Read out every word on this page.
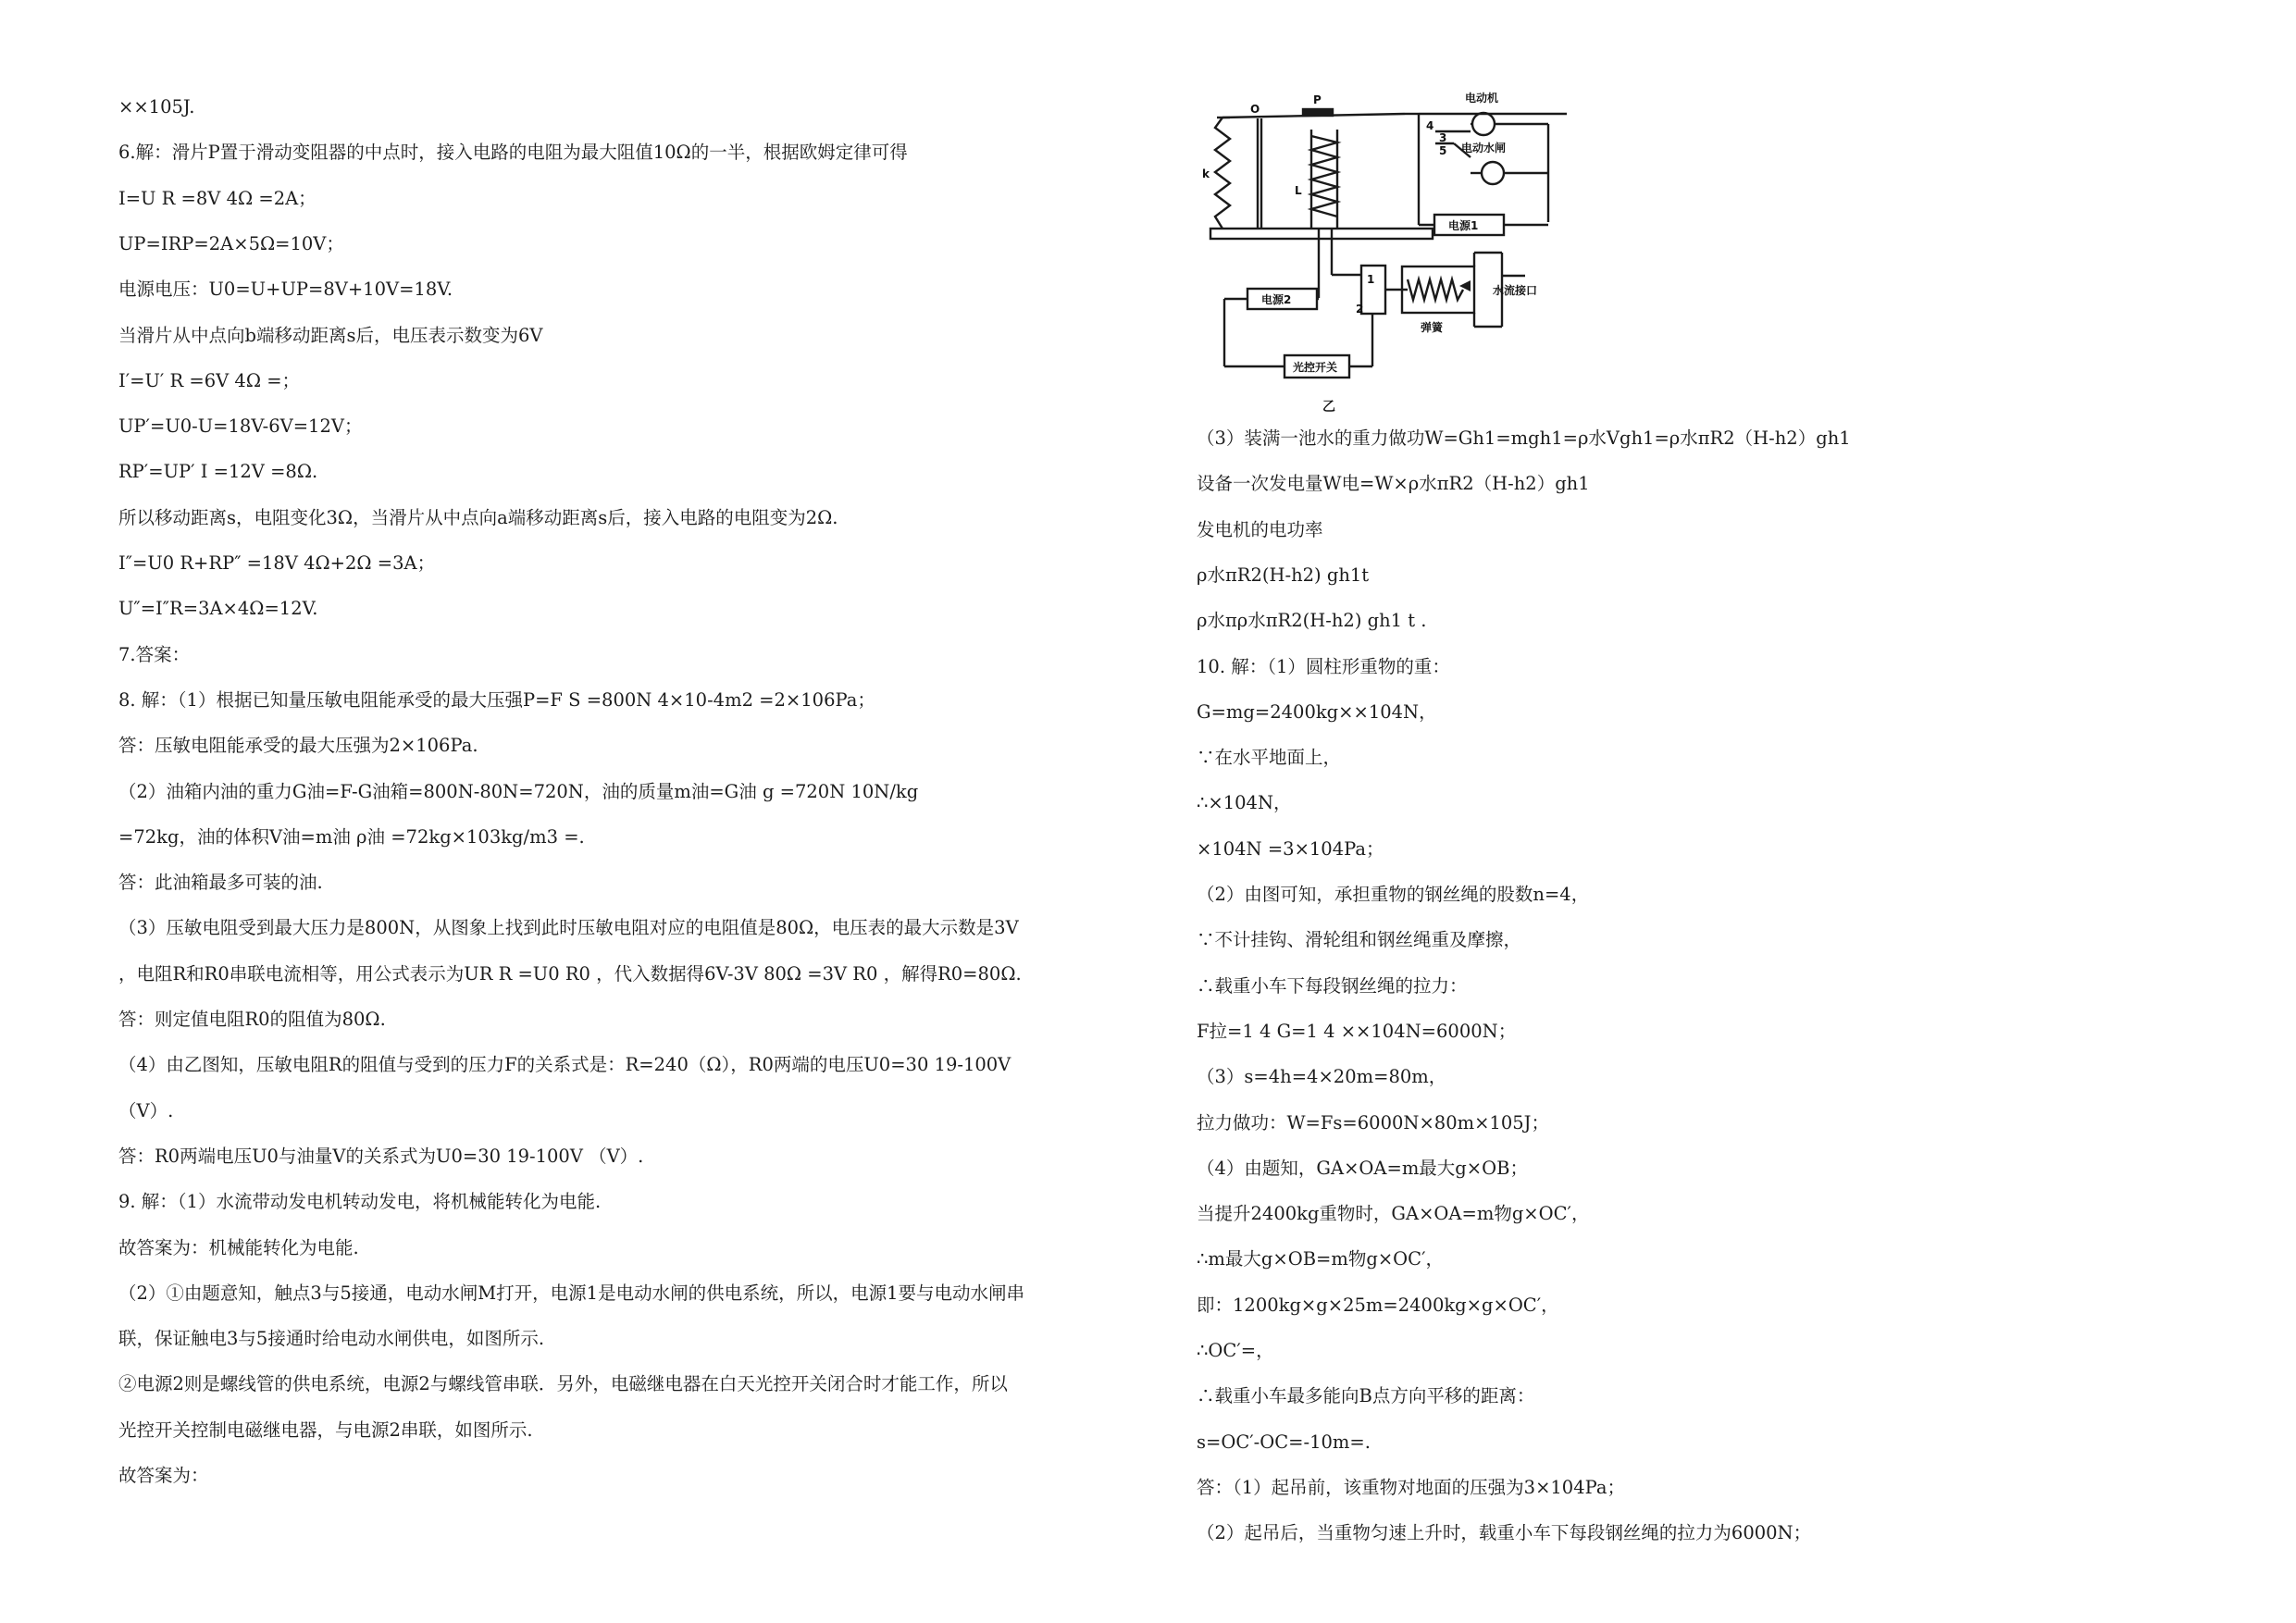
××105J.
6.解：滑片P置于滑动变阻器的中点时，接入电路的电阻为最大阻值10Ω的一半，根据欧姆定律可得
I=U R =8V 4Ω =2A；
UP=IRP=2A×5Ω=10V；
电源电压：U0=U+UP=8V+10V=18V.
当滑片从中点向b端移动距离s后，电压表示数变为6V
I′=U′ R =6V 4Ω =；
UP′=U0-U=18V-6V=12V；
RP′=UP′ I =12V =8Ω.
所以移动距离s，电阻变化3Ω，当滑片从中点向a端移动距离s后，接入电路的电阻变为2Ω.
I″=U0 R+RP″ =18V 4Ω+2Ω =3A；
U″=I″R=3A×4Ω=12V.
7.答案：
8. 解：（1）根据已知量压敏电阻能承受的最大压强P=F S =800N 4×10-4m2 =2×106Pa；
答：压敏电阻能承受的最大压强为2×106Pa.
（2）油箱内油的重力G油=F-G油箱=800N-80N=720N，油的质量m油=G油 g =720N 10N/kg
=72kg，油的体积V油=m油 ρ油 =72kg×103kg/m3 =.
答：此油箱最多可装的油.
（3）压敏电阻受到最大压力是800N，从图象上找到此时压敏电阻对应的电阻值是80Ω，电压表的最大示数是3V
，电阻R和R0串联电流相等，用公式表示为UR R =U0 R0 ，代入数据得6V-3V 80Ω =3V R0 ，解得R0=80Ω.
答：则定值电阻R0的阻值为80Ω.
（4）由乙图知，压敏电阻R的阻值与受到的压力F的关系式是：R=240（Ω），R0两端的电压U0=30 19-100V
（V）.
答：R0两端电压U0与油量V的关系式为U0=30 19-100V （V）.
9. 解：（1）水流带动发电机转动发电，将机械能转化为电能.
故答案为：机械能转化为电能.
（2）①由题意知，触点3与5接通，电动水闸M打开，电源1是电动水闸的供电系统，所以，电源1要与电动水闸串
联，保证触电3与5接通时给电动水闸供电，如图所示.
②电源2则是螺线管的供电系统，电源2与螺线管串联．另外，电磁继电器在白天光控开关闭合时才能工作，所以
光控开关控制电磁继电器，与电源2串联，如图所示.
故答案为：
（3）装满一池水的重力做功W=Gh1=mgh1=ρ水Vgh1=ρ水πR2（H-h2）gh1
设备一次发电量W电=W×ρ水πR2（H-h2）gh1
发电机的电功率
ρ水πR2(H-h2) gh1t
ρ水πρ水πR2(H-h2) gh1 t .
10. 解：（1）圆柱形重物的重：
G=mg=2400kg××104N，
∵在水平地面上，
∴×104N，
×104N =3×104Pa；
（2）由图可知，承担重物的钢丝绳的股数n=4，
∵不计挂钩、滑轮组和钢丝绳重及摩擦，
∴载重小车下每段钢丝绳的拉力：
F拉=1 4 G=1 4 ××104N=6000N；
（3）s=4h=4×20m=80m，
拉力做功：W=Fs=6000N×80m×105J；
（4）由题知，GA×OA=m最大g×OB；
当提升2400kg重物时，GA×OA=m物g×OC′，
∴m最大g×OB=m物g×OC′，
即：1200kg×g×25m=2400kg×g×OC′，
∴OC′=，
∴载重小车最多能向B点方向平移的距离：
s=OC′-OC=-10m=.
答：（1）起吊前，该重物对地面的压强为3×104Pa；
（2）起吊后，当重物匀速上升时，载重小车下每段钢丝绳的拉力为6000N；
O
P
k
L
电动机
电动水闸
4
3
5
电源1
电源2
光控开关
1
2
弹簧
水流接口
乙
